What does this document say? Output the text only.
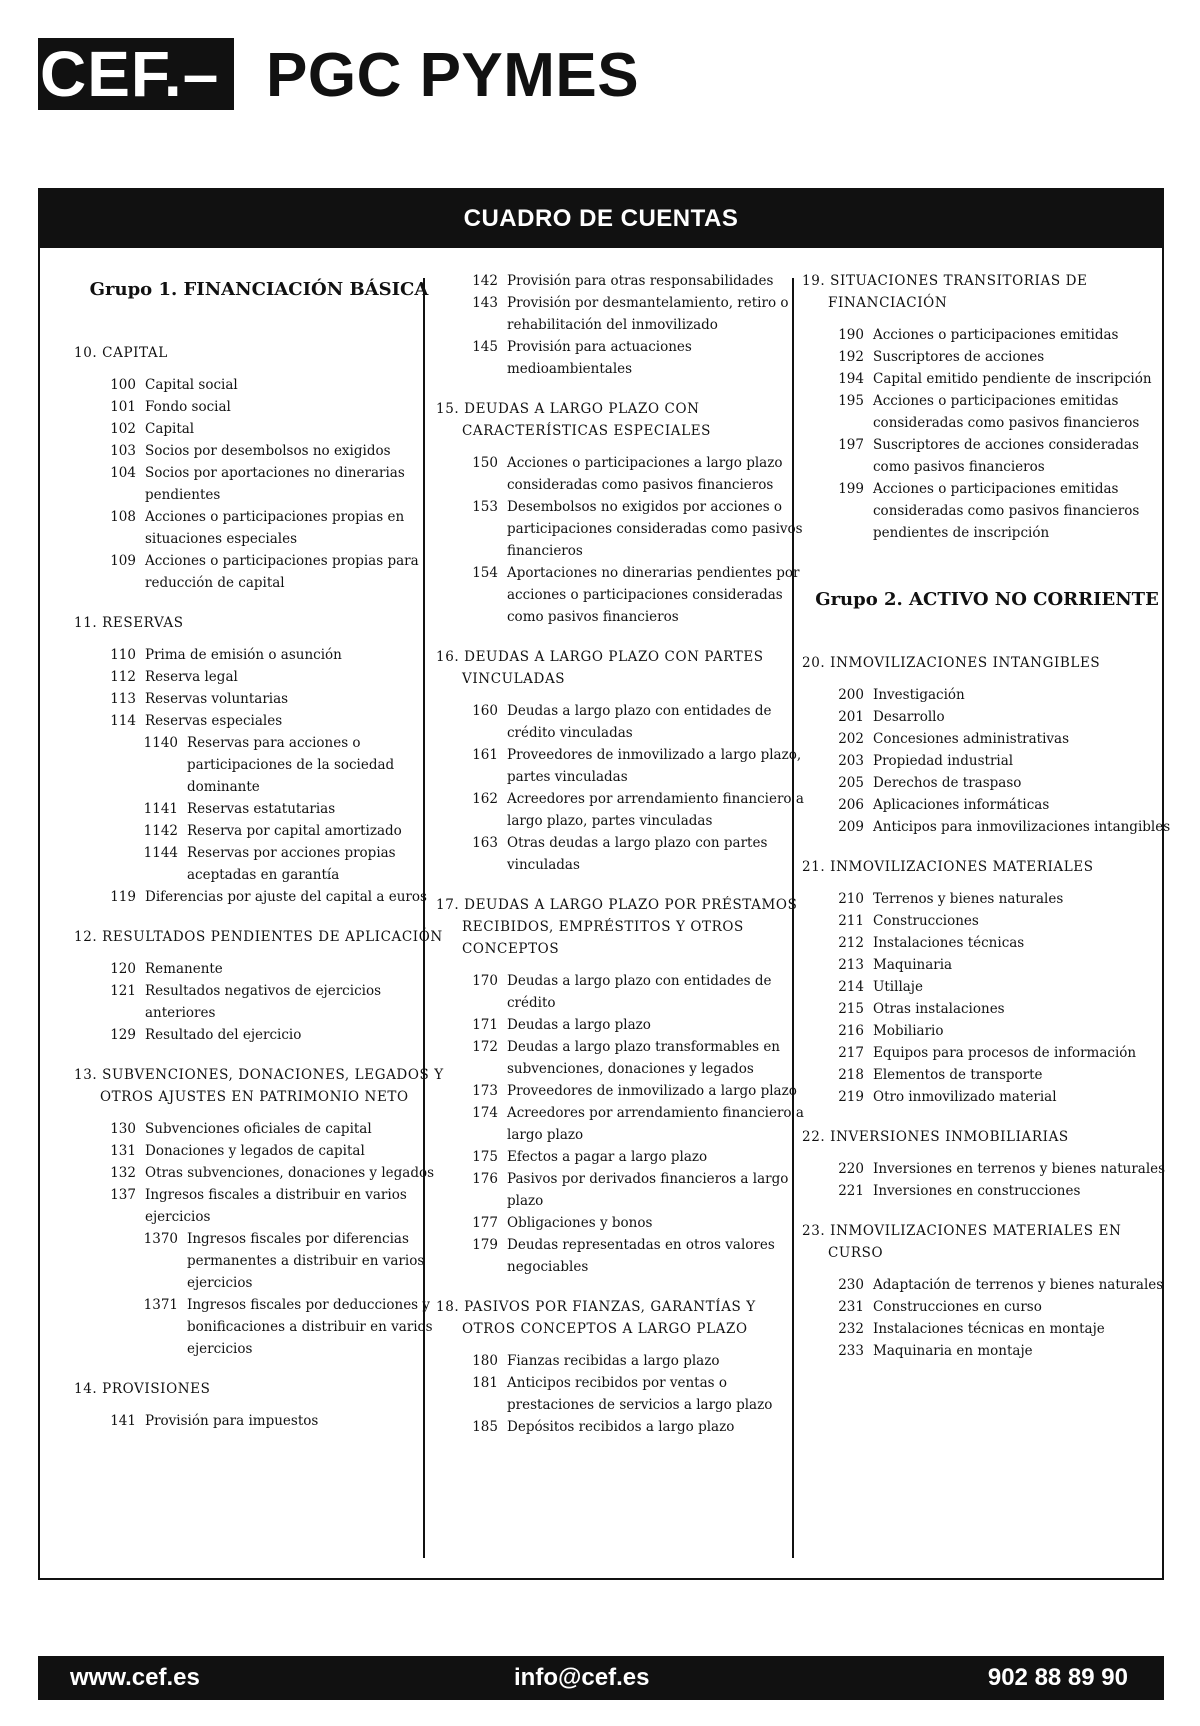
CEF.– PGC PYMES
CUADRO DE CUENTAS
Grupo 1. FINANCIACIÓN BÁSICA
10. CAPITAL
100 Capital social
101 Fondo social
102 Capital
103 Socios por desembolsos no exigidos
104 Socios por aportaciones no dinerarias pendientes
108 Acciones o participaciones propias en situaciones especiales
109 Acciones o participaciones propias para reducción de capital
11. RESERVAS
110 Prima de emisión o asunción
112 Reserva legal
113 Reservas voluntarias
114 Reservas especiales
1140 Reservas para acciones o participaciones de la sociedad dominante
1141 Reservas estatutarias
1142 Reserva por capital amortizado
1144 Reservas por acciones propias aceptadas en garantía
119 Diferencias por ajuste del capital a euros
12. RESULTADOS PENDIENTES DE APLICACIÓN
120 Remanente
121 Resultados negativos de ejercicios anteriores
129 Resultado del ejercicio
13. SUBVENCIONES, DONACIONES, LEGADOS Y OTROS AJUSTES EN PATRIMONIO NETO
130 Subvenciones oficiales de capital
131 Donaciones y legados de capital
132 Otras subvenciones, donaciones y legados
137 Ingresos fiscales a distribuir en varios ejercicios
1370 Ingresos fiscales por diferencias permanentes a distribuir en varios ejercicios
1371 Ingresos fiscales por deducciones y bonificaciones a distribuir en varios ejercicios
14. PROVISIONES
141 Provisión para impuestos
142 Provisión para otras responsabilidades
143 Provisión por desmantelamiento, retiro o rehabilitación del inmovilizado
145 Provisión para actuaciones medioambientales
15. DEUDAS A LARGO PLAZO CON CARACTERÍSTICAS ESPECIALES
150 Acciones o participaciones a largo plazo consideradas como pasivos financieros
153 Desembolsos no exigidos por acciones o participaciones consideradas como pasivos financieros
154 Aportaciones no dinerarias pendientes por acciones o participaciones consideradas como pasivos financieros
16. DEUDAS A LARGO PLAZO CON PARTES VINCULADAS
160 Deudas a largo plazo con entidades de crédito vinculadas
161 Proveedores de inmovilizado a largo plazo, partes vinculadas
162 Acreedores por arrendamiento financiero a largo plazo, partes vinculadas
163 Otras deudas a largo plazo con partes vinculadas
17. DEUDAS A LARGO PLAZO POR PRÉSTAMOS RECIBIDOS, EMPRÉSTITOS Y OTROS CONCEPTOS
170 Deudas a largo plazo con entidades de crédito
171 Deudas a largo plazo
172 Deudas a largo plazo transformables en subvenciones, donaciones y legados
173 Proveedores de inmovilizado a largo plazo
174 Acreedores por arrendamiento financiero a largo plazo
175 Efectos a pagar a largo plazo
176 Pasivos por derivados financieros a largo plazo
177 Obligaciones y bonos
179 Deudas representadas en otros valores negociables
18. PASIVOS POR FIANZAS, GARANTÍAS Y OTROS CONCEPTOS A LARGO PLAZO
180 Fianzas recibidas a largo plazo
181 Anticipos recibidos por ventas o prestaciones de servicios a largo plazo
185 Depósitos recibidos a largo plazo
19. SITUACIONES TRANSITORIAS DE FINANCIACIÓN
190 Acciones o participaciones emitidas
192 Suscriptores de acciones
194 Capital emitido pendiente de inscripción
195 Acciones o participaciones emitidas consideradas como pasivos financieros
197 Suscriptores de acciones consideradas como pasivos financieros
199 Acciones o participaciones emitidas consideradas como pasivos financieros pendientes de inscripción
Grupo 2. ACTIVO NO CORRIENTE
20. INMOVILIZACIONES INTANGIBLES
200 Investigación
201 Desarrollo
202 Concesiones administrativas
203 Propiedad industrial
205 Derechos de traspaso
206 Aplicaciones informáticas
209 Anticipos para inmovilizaciones intangibles
21. INMOVILIZACIONES MATERIALES
210 Terrenos y bienes naturales
211 Construcciones
212 Instalaciones técnicas
213 Maquinaria
214 Utillaje
215 Otras instalaciones
216 Mobiliario
217 Equipos para procesos de información
218 Elementos de transporte
219 Otro inmovilizado material
22. INVERSIONES INMOBILIARIAS
220 Inversiones en terrenos y bienes naturales
221 Inversiones en construcciones
23. INMOVILIZACIONES MATERIALES EN CURSO
230 Adaptación de terrenos y bienes naturales
231 Construcciones en curso
232 Instalaciones técnicas en montaje
233 Maquinaria en montaje
www.cef.es	info@cef.es	902 88 89 90
